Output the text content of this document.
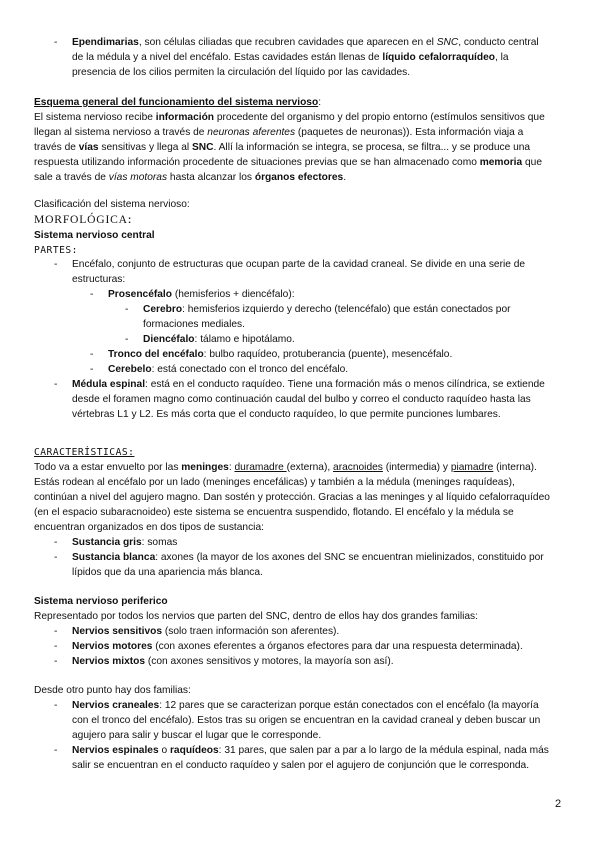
- Ependimarias, son células ciliadas que recubren cavidades que aparecen en el SNC, conducto central de la médula y a nivel del encéfalo. Estas cavidades están llenas de líquido cefalorraquídeo, la presencia de los cilios permiten la circulación del líquido por las cavidades.

Esquema general del funcionamiento del sistema nervioso:

El sistema nervioso recibe información procedente del organismo y del propio entorno (estímulos sensitivos que llegan al sistema nervioso a través de neuronas aferentes (paquetes de neuronas)). Esta información viaja a través de vías sensitivas y llega al SNC. Allí la información se integra, se procesa, se filtra... y se produce una respuesta utilizando información procedente de situaciones previas que se han almacenado como memoria que sale a través de vías motoras hasta alcanzar los órganos efectores.

Clasificación del sistema nervioso:

MORFOLÓGICA:

Sistema nervioso central

PARTES:

- Encéfalo, conjunto de estructuras que ocupan parte de la cavidad craneal. Se divide en una serie de estructuras:

- Prosencéfalo (hemisferios + diencéfalo):

- Cerebro: hemisferios izquierdo y derecho (telencéfalo) que están conectados por formaciones mediales.

- Diencéfalo: tálamo e hipotálamo.

- Tronco del encéfalo: bulbo raquídeo, protuberancia (puente), mesencéfalo.

- Cerebelo: está conectado con el tronco del encéfalo.

- Médula espinal: está en el conducto raquídeo. Tiene una formación más o menos cilíndrica, se extiende desde el foramen magno como continuación caudal del bulbo y correo el conducto raquídeo hasta las vértebras L1 y L2. Es más corta que el conducto raquídeo, lo que permite punciones lumbares.

CARACTERÍSTICAS:

Todo va a estar envuelto por las meninges: duramadre (externa), aracnoides (intermedia) y piamadre (interna). Estás rodean al encéfalo por un lado (meninges encefálicas) y también a la médula (meninges raquídeas), continúan a nivel del agujero magno. Dan sostén y protección. Gracias a las meninges y al líquido cefalorraquídeo (en el espacio subaracnoideo) este sistema se encuentra suspendido, flotando. El encéfalo y la médula se encuentran organizados en dos tipos de sustancia:

- Sustancia gris: somas

- Sustancia blanca: axones (la mayor de los axones del SNC se encuentran mielinizados, constituido por lípidos que da una apariencia más blanca.

Sistema nervioso periferico

Representado por todos los nervios que parten del SNC, dentro de ellos hay dos grandes familias:

- Nervios sensitivos (solo traen información son aferentes).

- Nervios motores (con axones eferentes a órganos efectores para dar una respuesta determinada).

- Nervios mixtos (con axones sensitivos y motores, la mayoría son así).

Desde otro punto hay dos familias:

- Nervios craneales: 12 pares que se caracterizan porque están conectados con el encéfalo (la mayoría con el tronco del encéfalo). Estos tras su origen se encuentran en la cavidad craneal y deben buscar un agujero para salir y buscar el lugar que le corresponde.

- Nervios espinales o raquídeos: 31 pares, que salen par a par a lo largo de la médula espinal, nada más salir se encuentran en el conducto raquídeo y salen por el agujero de conjunción que le corresponda.

2
